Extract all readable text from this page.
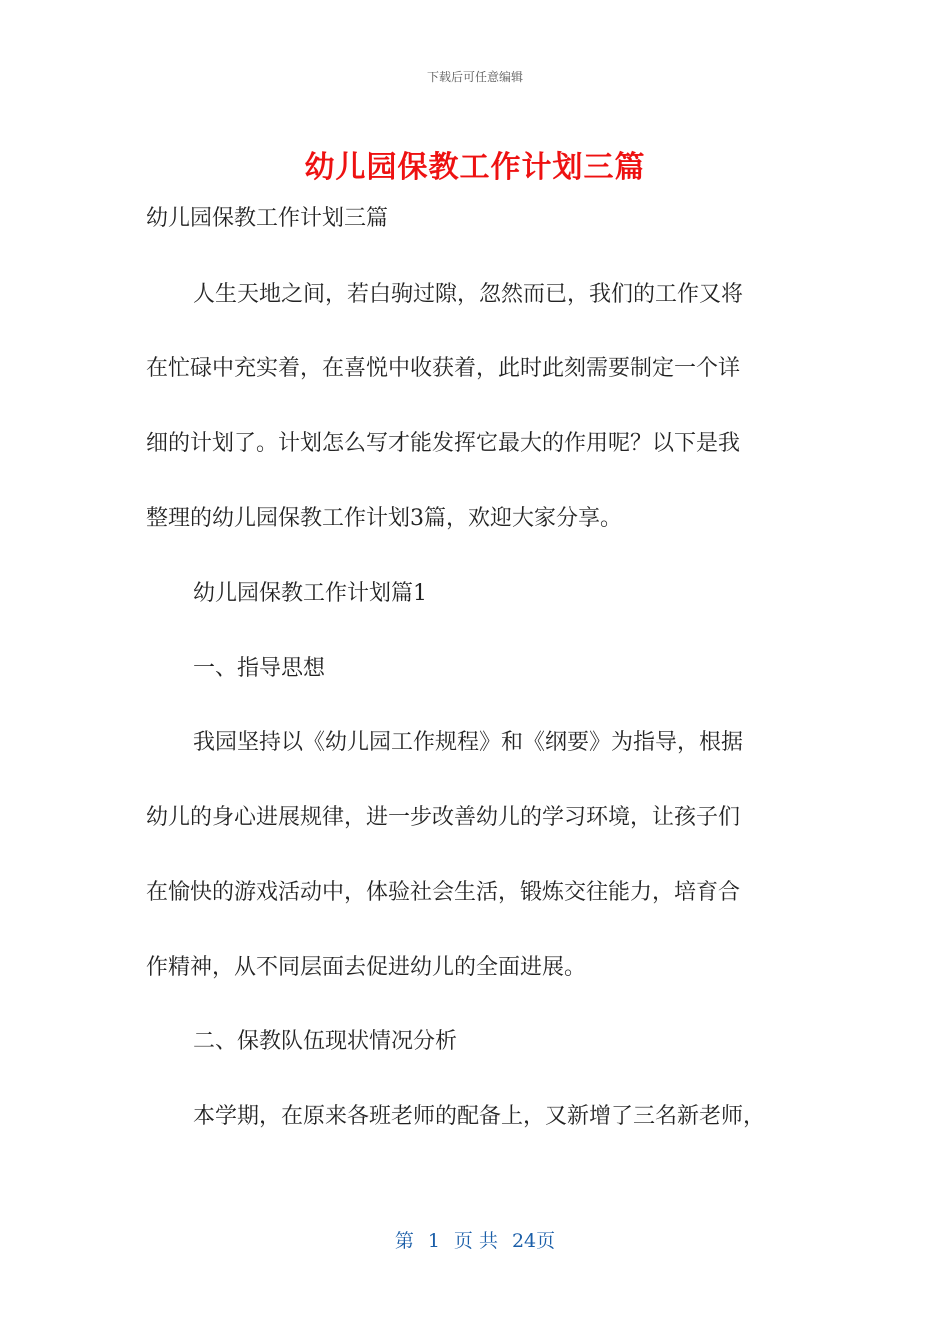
下载后可任意编辑
幼儿园保教工作计划三篇
幼儿园保教工作计划三篇
人生天地之间，若白驹过隙，忽然而已，我们的工作又将
在忙碌中充实着，在喜悦中收获着，此时此刻需要制定一个详
细的计划了。计划怎么写才能发挥它最大的作用呢？以下是我
整理的幼儿园保教工作计划3篇，欢迎大家分享。
幼儿园保教工作计划篇1
一、指导思想
我园坚持以《幼儿园工作规程》和《纲要》为指导，根据
幼儿的身心进展规律，进一步改善幼儿的学习环境，让孩子们
在愉快的游戏活动中，体验社会生活，锻炼交往能力，培育合
作精神，从不同层面去促进幼儿的全面进展。
二、保教队伍现状情况分析
本学期，在原来各班老师的配备上，又新增了三名新老师，
第 1 页 共 24页
